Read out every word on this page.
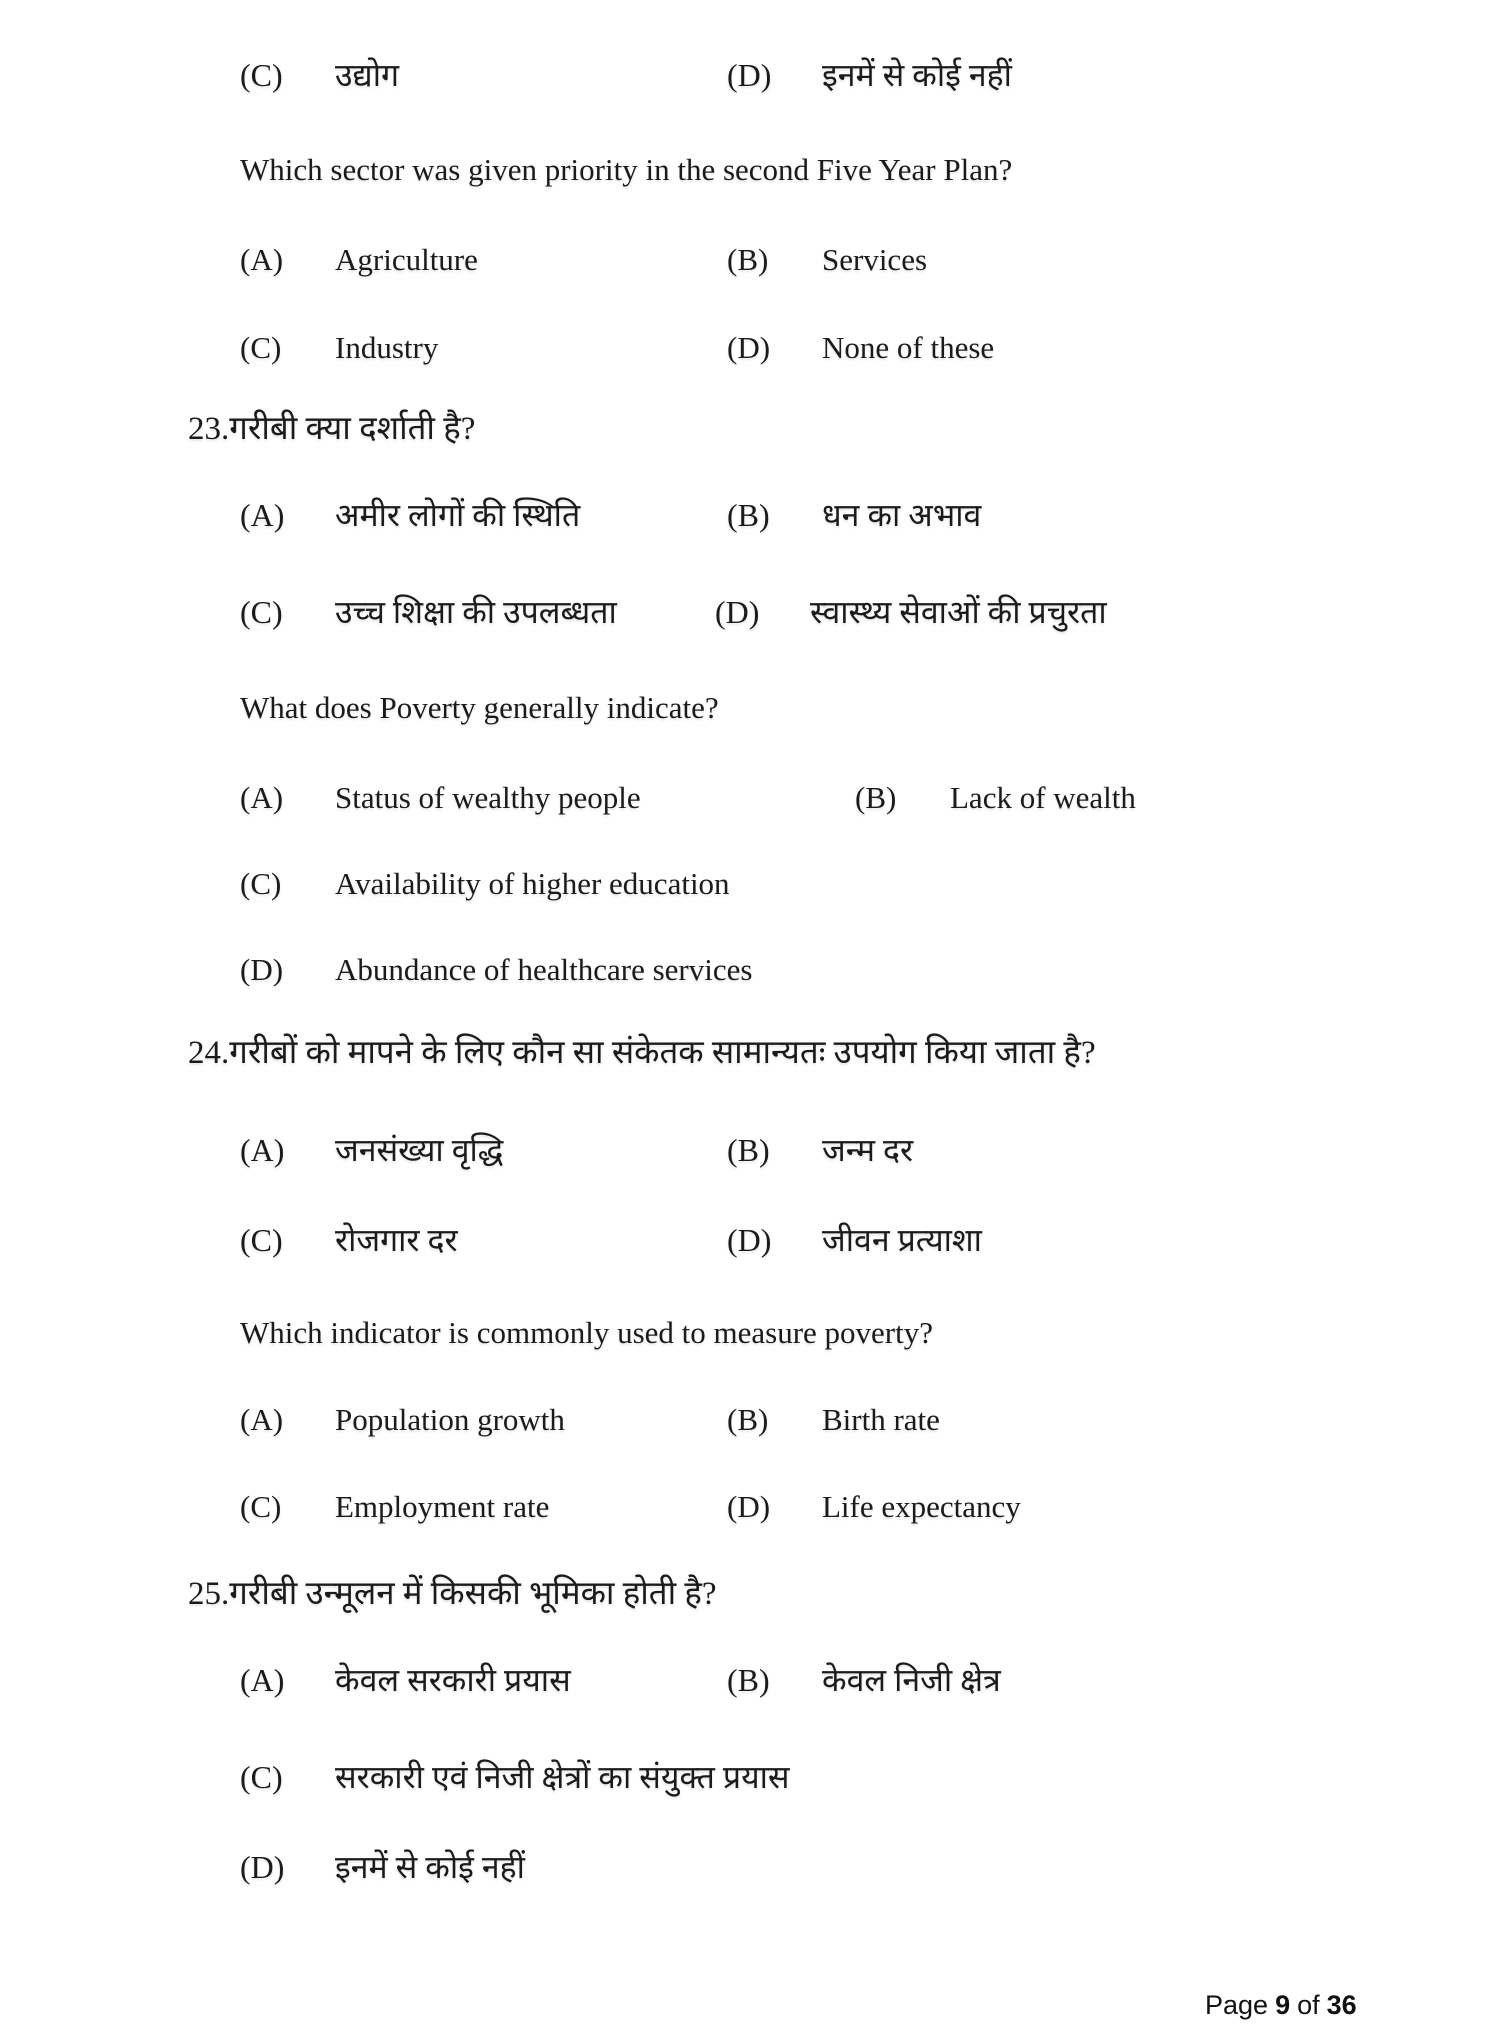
(C)	उद्योग	(D)	इनमें से कोई नहीं
Which sector was given priority in the second Five Year Plan?
(A)	Agriculture	(B)	Services
(C)	Industry	(D)	None of these
23.गरीबी क्या दर्शाती है?
(A)	अमीर लोगों की स्थिति	(B)	धन का अभाव
(C)	उच्च शिक्षा की उपलब्धता	(D)	स्वास्थ्य सेवाओं की प्रचुरता
What does Poverty generally indicate?
(A)	Status of wealthy people	(B)	Lack of wealth
(C)	Availability of higher education
(D)	Abundance of healthcare services
24.गरीबों को मापने के लिए कौन सा संकेतक सामान्यतः उपयोग किया जाता है?
(A)	जनसंख्या वृद्धि	(B)	जन्म दर
(C)	रोजगार दर	(D)	जीवन प्रत्याशा
Which indicator is commonly used to measure poverty?
(A)	Population growth	(B)	Birth rate
(C)	Employment rate	(D)	Life expectancy
25.गरीबी उन्मूलन में किसकी भूमिका होती है?
(A)	केवल सरकारी प्रयास	(B)	केवल निजी क्षेत्र
(C)	सरकारी एवं निजी क्षेत्रों का संयुक्त प्रयास
(D)	इनमें से कोई नहीं
Page 9 of 36
